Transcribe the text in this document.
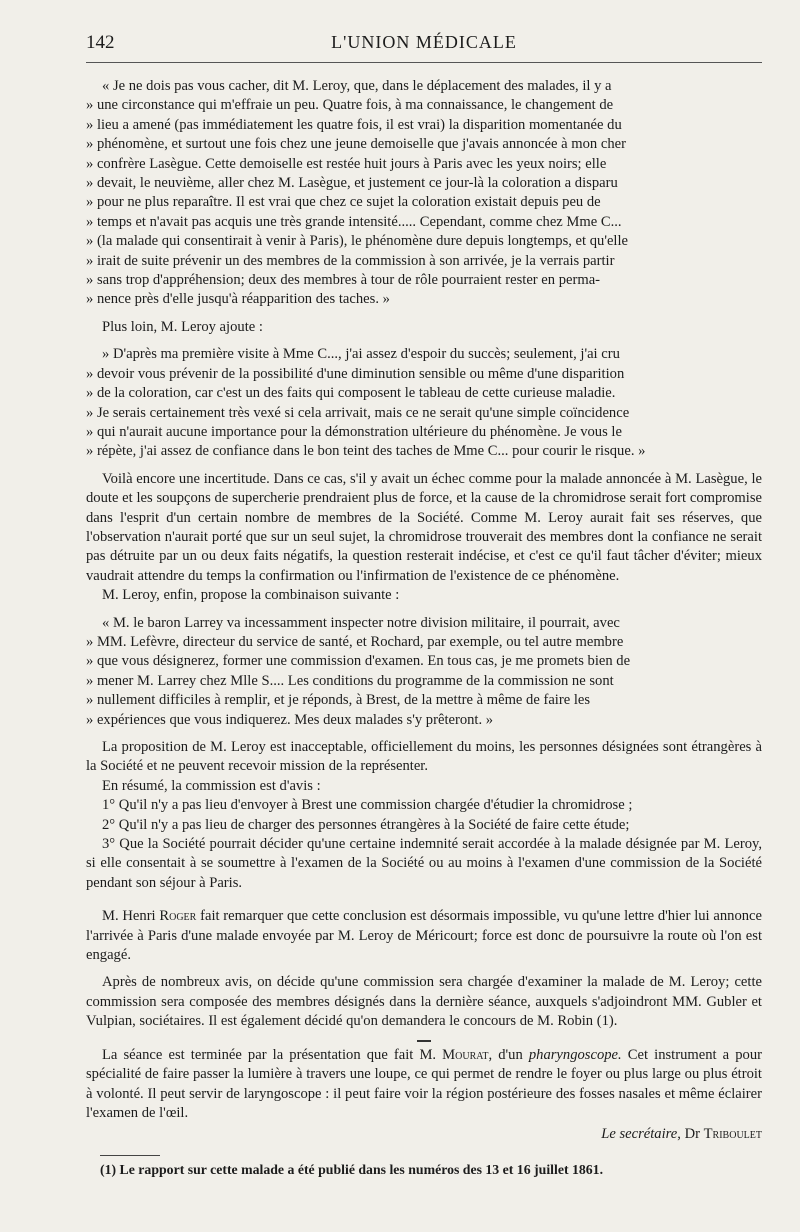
142	L'UNION MÉDICALE
« Je ne dois pas vous cacher, dit M. Leroy, que, dans le déplacement des malades, il y a
» une circonstance qui m'effraie un peu. Quatre fois, à ma connaissance, le changement de
» lieu a amené (pas immédiatement les quatre fois, il est vrai) la disparition momentanée du
» phénomène, et surtout une fois chez une jeune demoiselle que j'avais annoncée à mon cher
» confrère Lasègue. Cette demoiselle est restée huit jours à Paris avec les yeux noirs; elle
» devait, le neuvième, aller chez M. Lasègue, et justement ce jour-là la coloration a disparu
» pour ne plus reparaître. Il est vrai que chez ce sujet la coloration existait depuis peu de
» temps et n'avait pas acquis une très grande intensité..... Cependant, comme chez Mme C...
» (la malade qui consentirait à venir à Paris), le phénomène dure depuis longtemps, et qu'elle
» irait de suite prévenir un des membres de la commission à son arrivée, je la verrais partir
» sans trop d'appréhension; deux des membres à tour de rôle pourraient rester en perma-
» nence près d'elle jusqu'à réapparition des taches. »

Plus loin, M. Leroy ajoute :

» D'après ma première visite à Mme C..., j'ai assez d'espoir du succès; seulement, j'ai cru
» devoir vous prévenir de la possibilité d'une diminution sensible ou même d'une disparition
» de la coloration, car c'est un des faits qui composent le tableau de cette curieuse maladie.
» Je serais certainement très vexé si cela arrivait, mais ce ne serait qu'une simple coïncidence
» qui n'aurait aucune importance pour la démonstration ultérieure du phénomène. Je vous le
» répète, j'ai assez de confiance dans le bon teint des taches de Mme C... pour courir le risque. »

Voilà encore une incertitude. Dans ce cas, s'il y avait un échec comme pour la malade annoncée à M. Lasègue, le doute et les soupçons de supercherie prendraient plus de force, et la cause de la chromidrose serait fort compromise dans l'esprit d'un certain nombre de membres de la Société. Comme M. Leroy aurait fait ses réserves, que l'observation n'aurait porté que sur un seul sujet, la chromidrose trouverait des membres dont la confiance ne serait pas détruite par un ou deux faits négatifs, la question resterait indécise, et c'est ce qu'il faut tâcher d'éviter; mieux vaudrait attendre du temps la confirmation ou l'infirmation de l'existence de ce phénomène.

M. Leroy, enfin, propose la combinaison suivante :

« M. le baron Larrey va incessamment inspecter notre division militaire, il pourrait, avec
» MM. Lefèvre, directeur du service de santé, et Rochard, par exemple, ou tel autre membre
» que vous désignerez, former une commission d'examen. En tous cas, je me promets bien de
» mener M. Larrey chez Mlle S.... Les conditions du programme de la commission ne sont
» nullement difficiles à remplir, et je réponds, à Brest, de la mettre à même de faire les
» expériences que vous indiquerez. Mes deux malades s'y prêteront. »

La proposition de M. Leroy est inacceptable, officiellement du moins, les personnes désignées sont étrangères à la Société et ne peuvent recevoir mission de la représenter.

En résumé, la commission est d'avis :

1° Qu'il n'y a pas lieu d'envoyer à Brest une commission chargée d'étudier la chromidrose ;

2° Qu'il n'y a pas lieu de charger des personnes étrangères à la Société de faire cette étude;

3° Que la Société pourrait décider qu'une certaine indemnité serait accordée à la malade désignée par M. Leroy, si elle consentait à se soumettre à l'examen de la Société ou au moins à l'examen d'une commission de la Société pendant son séjour à Paris.

M. Henri Roger fait remarquer que cette conclusion est désormais impossible, vu qu'une lettre d'hier lui annonce l'arrivée à Paris d'une malade envoyée par M. Leroy de Méricourt; force est donc de poursuivre la route où l'on est engagé.

Après de nombreux avis, on décide qu'une commission sera chargée d'examiner la malade de M. Leroy; cette commission sera composée des membres désignés dans la dernière séance, auxquels s'adjoindront MM. Gubler et Vulpian, sociétaires. Il est également décidé qu'on demandera le concours de M. Robin (1).

La séance est terminée par la présentation que fait M. Mourat, d'un pharyngoscope. Cet instrument a pour spécialité de faire passer la lumière à travers une loupe, ce qui permet de rendre le foyer ou plus large ou plus étroit à volonté. Il peut servir de laryngoscope : il peut faire voir la région postérieure des fosses nasales et même éclairer l'examen de l'œil.

Le secrétaire, Dr Tribouleт

(1) Le rapport sur cette malade a été publié dans les numéros des 13 et 16 juillet 1861.
